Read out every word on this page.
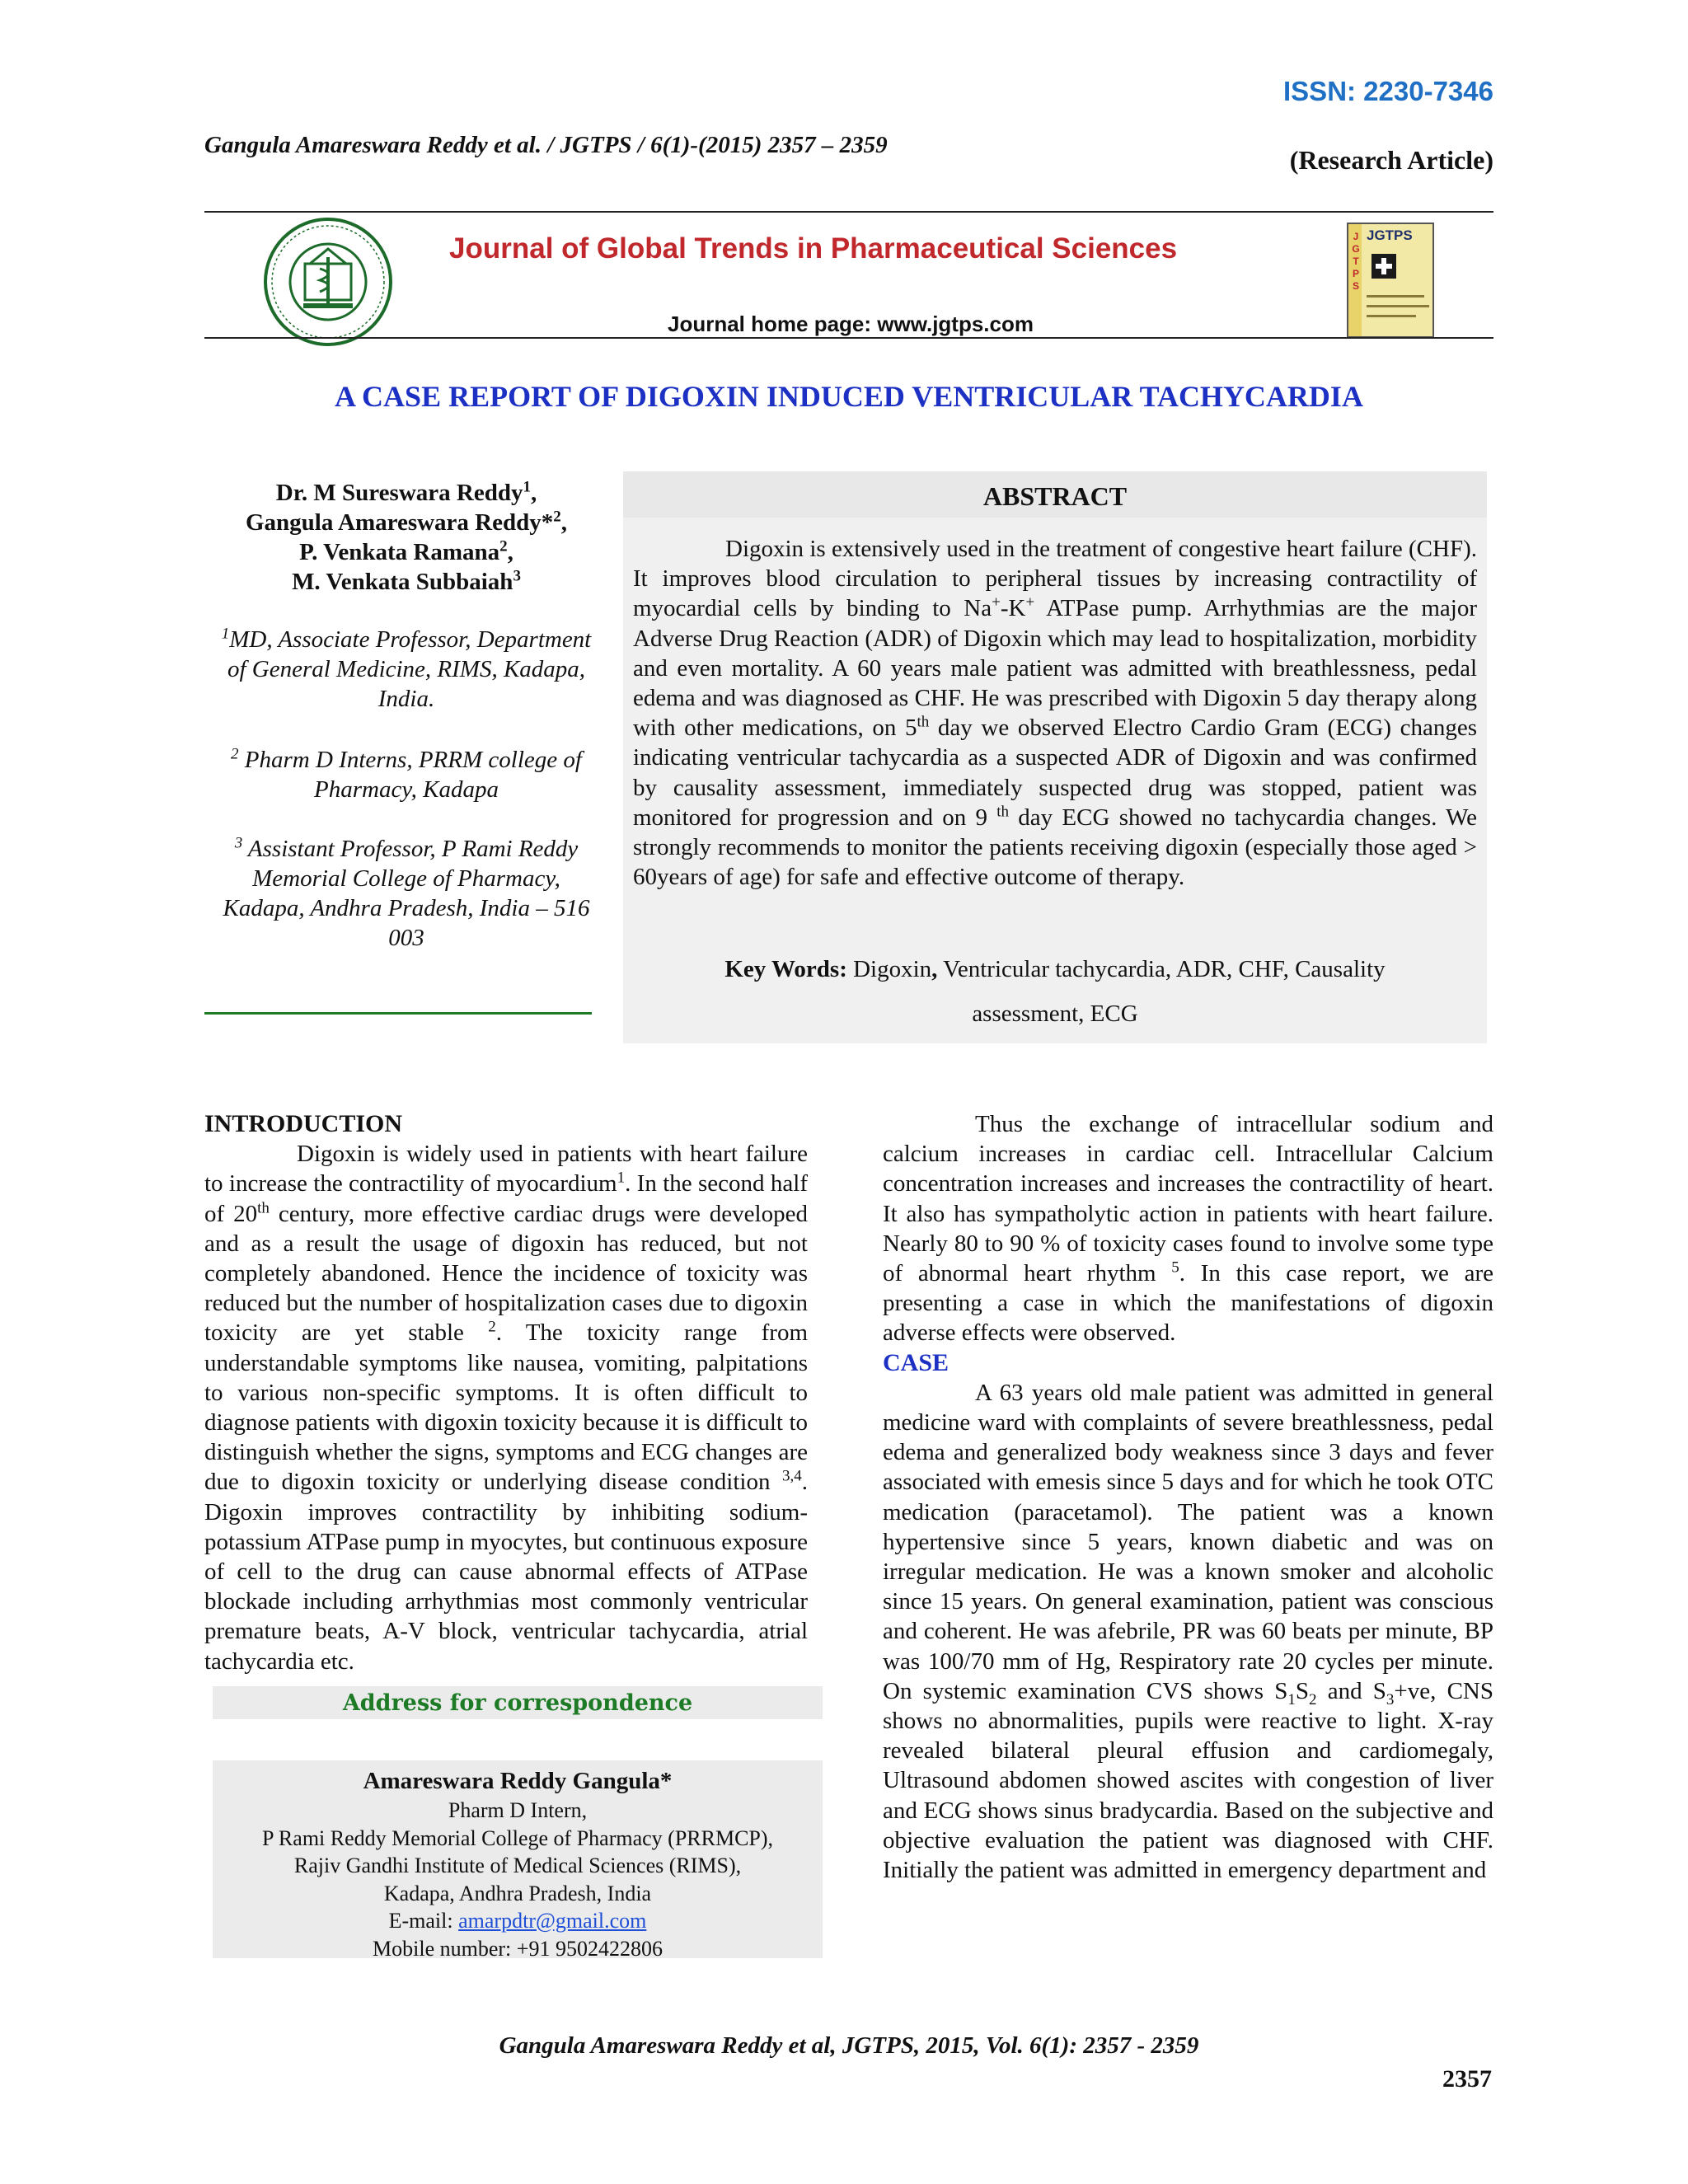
ISSN: 2230-7346
Gangula Amareswara Reddy et al. / JGTPS / 6(1)-(2015) 2357 – 2359	(Research Article)
Journal of Global Trends in Pharmaceutical Sciences
Journal home page: www.jgtps.com
J
G
T
P
S
JGTPS
A CASE REPORT OF DIGOXIN INDUCED VENTRICULAR TACHYCARDIA
Dr. M Sureswara Reddy$^1$,
Gangula Amareswara Reddy*$^2$,
P. Venkata Ramana$^2$,
M. Venkata Subbaiah$^3$
$^1$MD, Associate Professor, Department of General Medicine, RIMS, Kadapa, India.
$^2$ Pharm D Interns, PRRM college of Pharmacy, Kadapa
$^3$ Assistant Professor, P Rami Reddy Memorial College of Pharmacy, Kadapa, Andhra Pradesh, India – 516 003
ABSTRACT

Digoxin is extensively used in the treatment of congestive heart failure (CHF). It improves blood circulation to peripheral tissues by increasing contractility of myocardial cells by binding to Na+-K+ ATPase pump. Arrhythmias are the major Adverse Drug Reaction (ADR) of Digoxin which may lead to hospitalization, morbidity and even mortality. A 60 years male patient was admitted with breathlessness, pedal edema and was diagnosed as CHF. He was prescribed with Digoxin 5 day therapy along with other medications, on 5th day we observed Electro Cardio Gram (ECG) changes indicating ventricular tachycardia as a suspected ADR of Digoxin and was confirmed by causality assessment, immediately suspected drug was stopped, patient was monitored for progression and on 9 $^{th}$ day ECG showed no tachycardia changes. We strongly recommends to monitor the patients receiving digoxin (especially those aged > 60years of age) for safe and effective outcome of therapy.

Key Words: Digoxin, Ventricular tachycardia, ADR, CHF, Causality
assessment, ECG
INTRODUCTION

Digoxin is widely used in patients with heart failure to increase the contractility of myocardium$^1$. In the second half of 20th century, more effective cardiac drugs were developed and as a result the usage of digoxin has reduced, but not completely abandoned. Hence the incidence of toxicity was reduced but the number of hospitalization cases due to digoxin toxicity are yet stable $^2$. The toxicity range from understandable symptoms like nausea, vomiting, palpitations to various non-specific symptoms. It is often difficult to diagnose patients with digoxin toxicity because it is difficult to distinguish whether the signs, symptoms and ECG changes are due to digoxin toxicity or underlying disease condition $^{3,4}$. Digoxin improves contractility by inhibiting sodium-potassium ATPase pump in myocytes, but continuous exposure of cell to the drug can cause abnormal effects of ATPase blockade including arrhythmias most commonly ventricular premature beats, A-V block, ventricular tachycardia, atrial tachycardia etc.

Address for correspondence
Amareswara Reddy Gangula*
Pharm D Intern,
P Rami Reddy Memorial College of Pharmacy (PRRMCP),
Rajiv Gandhi Institute of Medical Sciences (RIMS),
Kadapa, Andhra Pradesh, India
E-mail: amarpdtr@gmail.com
Mobile number: +91 9502422806

Thus the exchange of intracellular sodium and calcium increases in cardiac cell. Intracellular Calcium concentration increases and increases the contractility of heart. It also has sympatholytic action in patients with heart failure. Nearly 80 to 90 % of toxicity cases found to involve some type of abnormal heart rhythm $^5$. In this case report, we are presenting a case in which the manifestations of digoxin adverse effects were observed.

CASE

A 63 years old male patient was admitted in general medicine ward with complaints of severe breathlessness, pedal edema and generalized body weakness since 3 days and fever associated with emesis since 5 days and for which he took OTC medication (paracetamol). The patient was a known hypertensive since 5 years, known diabetic and was on irregular medication. He was a known smoker and alcoholic since 15 years. On general examination, patient was conscious and coherent. He was afebrile, PR was 60 beats per minute, BP was 100/70 mm of Hg, Respiratory rate 20 cycles per minute. On systemic examination CVS shows $S_1S_2$ and $S_3+ve$, CNS shows no abnormalities, pupils were reactive to light. X-ray revealed bilateral pleural effusion and cardiomegaly, Ultrasound abdomen showed ascites with congestion of liver and ECG shows sinus bradycardia. Based on the subjective and objective evaluation the patient was diagnosed with CHF. Initially the patient was admitted in emergency department and

Gangula Amareswara Reddy et al, JGTPS, 2015, Vol. 6(1): 2357 - 2359
2357
